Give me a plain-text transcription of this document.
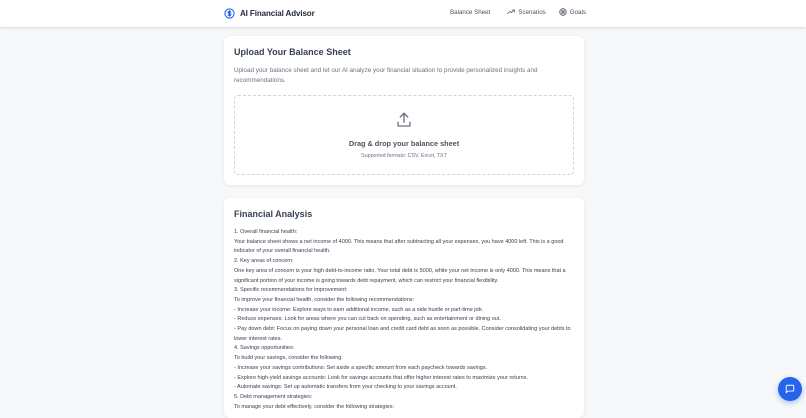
AI Financial Advisor	Balance Sheet	Scenarios	Goals
Upload Your Balance Sheet
Upload your balance sheet and let our AI analyze your financial situation to provide personalized insights and recommendations.
Drag & drop your balance sheet
Supported formats: CSV, Excel, TXT
Financial Analysis
1. Overall financial health:
Your balance sheet shows a net income of 4000. This means that after subtracting all your expenses, you have 4000 left. This is a good indicator of your overall financial health.
2. Key areas of concern:
One key area of concern is your high debt-to-income ratio. Your total debt is 5000, while your net income is only 4000. This means that a significant portion of your income is going towards debt repayment, which can restrict your financial flexibility.
3. Specific recommendations for improvement:
To improve your financial health, consider the following recommendations:
- Increase your income: Explore ways to earn additional income, such as a side hustle or part-time job.
- Reduce expenses: Look for areas where you can cut back on spending, such as entertainment or dining out.
- Pay down debt: Focus on paying down your personal loan and credit card debt as soon as possible. Consider consolidating your debts to lower interest rates.
4. Savings opportunities:
To build your savings, consider the following:
- Increase your savings contributions: Set aside a specific amount from each paycheck towards savings.
- Explore high-yield savings accounts: Look for savings accounts that offer higher interest rates to maximize your returns.
- Automate savings: Set up automatic transfers from your checking to your savings account.
5. Debt management strategies:
To manage your debt effectively, consider the following strategies:
